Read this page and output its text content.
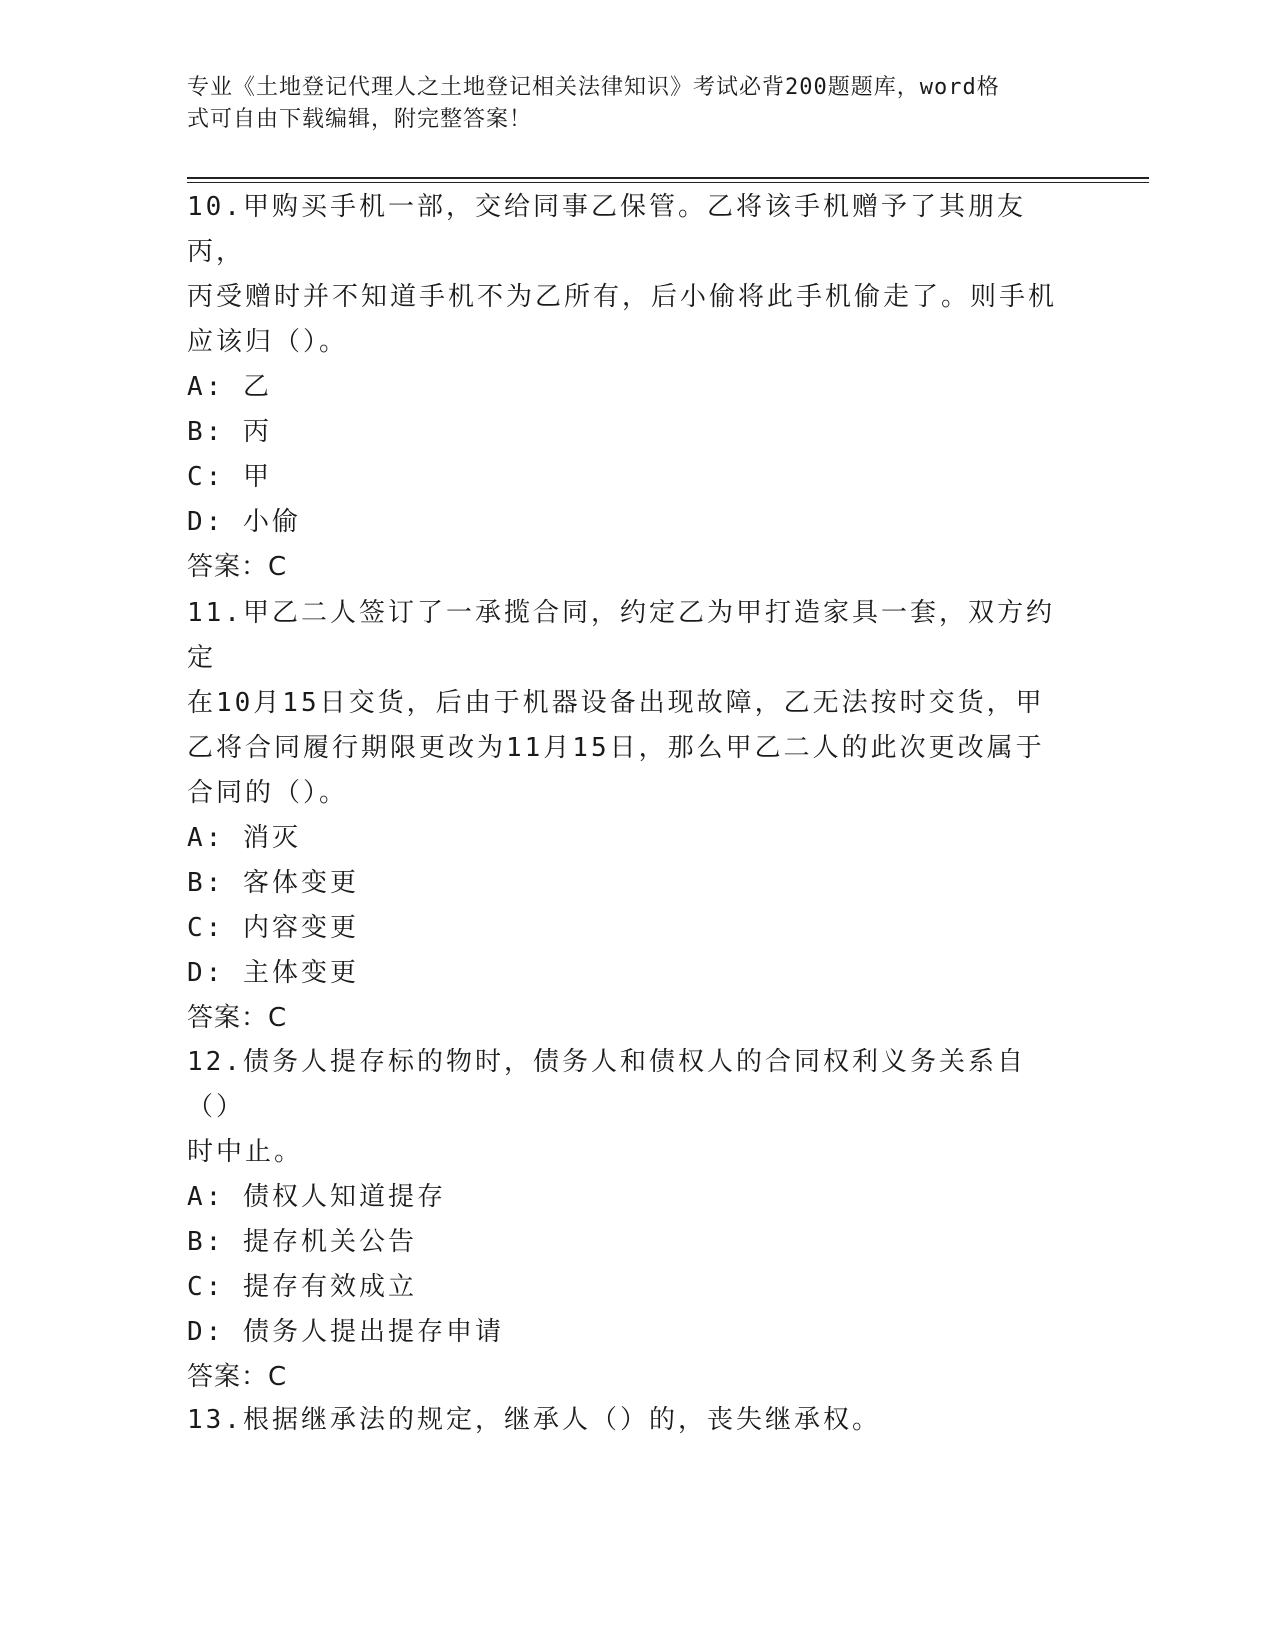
专业《土地登记代理人之土地登记相关法律知识》考试必背200题题库，word格
式可自由下载编辑，附完整答案！

10.甲购买手机一部，交给同事乙保管。乙将该手机赠予了其朋友丙，

丙受赠时并不知道手机不为乙所有，后小偷将此手机偷走了。则手机

应该归（）。

A: 乙

B: 丙

C: 甲

D: 小偷

答案：C

11.甲乙二人签订了一承揽合同，约定乙为甲打造家具一套，双方约定

在10月15日交货，后由于机器设备出现故障，乙无法按时交货，甲

乙将合同履行期限更改为11月15日，那么甲乙二人的此次更改属于

合同的（）。

A: 消灭

B: 客体变更

C: 内容变更

D: 主体变更

答案：C

12.债务人提存标的物时，债务人和债权人的合同权利义务关系自（）

时中止。

A: 债权人知道提存

B: 提存机关公告

C: 提存有效成立

D: 债务人提出提存申请

答案：C

13.根据继承法的规定，继承人（）的，丧失继承权。
